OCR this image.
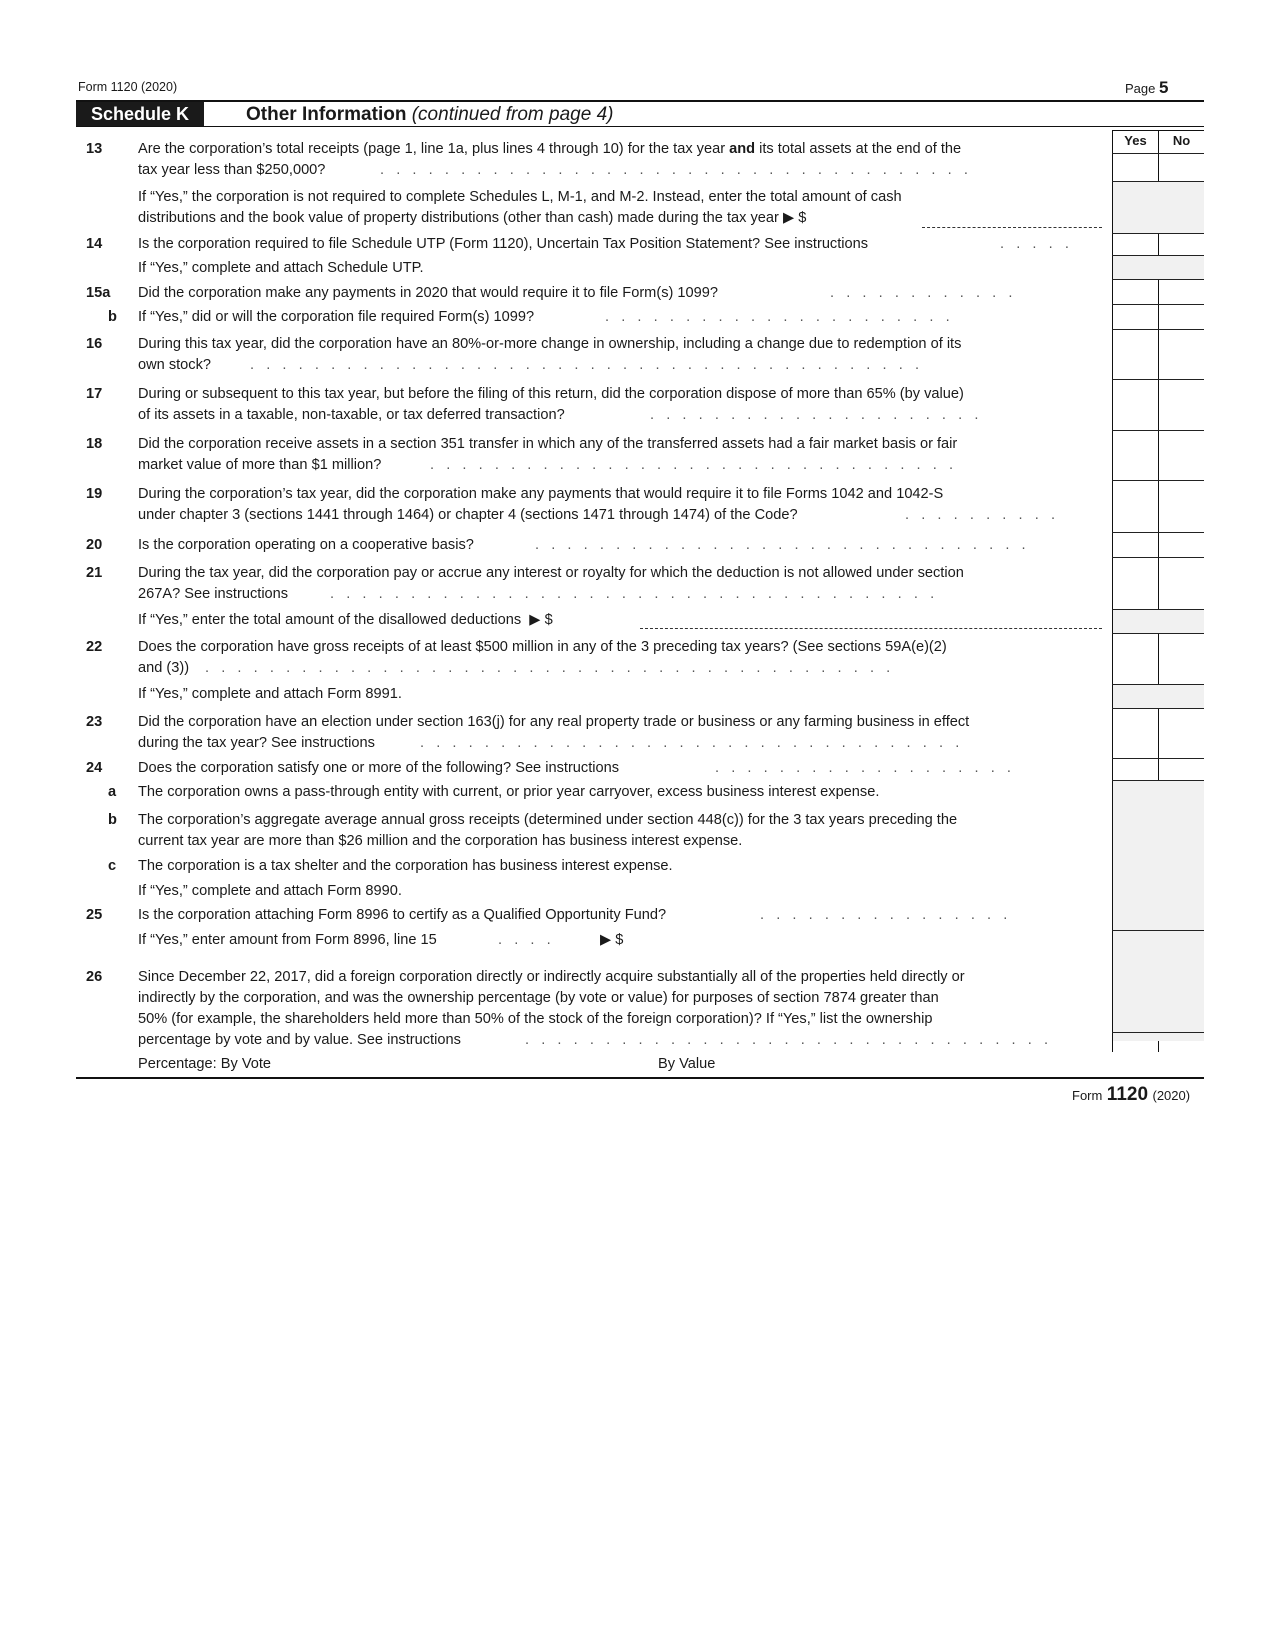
Form 1120 (2020)	Page 5
Schedule K	Other Information (continued from page 4)
Yes	No
13	Are the corporation’s total receipts (page 1, line 1a, plus lines 4 through 10) for the tax year and its total assets at the end of the
tax year less than $250,000?	.   .   .   .   .   .   .   .   .   .   .   .   .   .   .   .   .   .   .   .   .   .   .   .   .   .   .   .   .   .   .   .   .   .   .   .   .
If “Yes,” the corporation is not required to complete Schedules L, M-1, and M-2. Instead, enter the total amount of cash
distributions and the book value of property distributions (other than cash) made during the tax year ▶ $
14	Is the corporation required to file Schedule UTP (Form 1120), Uncertain Tax Position Statement? See instructions	.   .   .   .   .
If “Yes,” complete and attach Schedule UTP.
15a	Did the corporation make any payments in 2020 that would require it to file Form(s) 1099?	.   .   .   .   .   .   .   .   .   .   .   .
b	If “Yes,” did or will the corporation file required Form(s) 1099?	.   .   .   .   .   .   .   .   .   .   .   .   .   .   .   .   .   .   .   .   .   .
16	During this tax year, did the corporation have an 80%-or-more change in ownership, including a change due to redemption of its
own stock?	.   .   .   .   .   .   .   .   .   .   .   .   .   .   .   .   .   .   .   .   .   .   .   .   .   .   .   .   .   .   .   .   .   .   .   .   .   .   .   .   .   .
17	During or subsequent to this tax year, but before the filing of this return, did the corporation dispose of more than 65% (by value)
of its assets in a taxable, non-taxable, or tax deferred transaction?	.   .   .   .   .   .   .   .   .   .   .   .   .   .   .   .   .   .   .   .   .
18	Did the corporation receive assets in a section 351 transfer in which any of the transferred assets had a fair market basis or fair
market value of more than $1 million?	.   .   .   .   .   .   .   .   .   .   .   .   .   .   .   .   .   .   .   .   .   .   .   .   .   .   .   .   .   .   .   .   .
19	During the corporation’s tax year, did the corporation make any payments that would require it to file Forms 1042 and 1042-S
under chapter 3 (sections 1441 through 1464) or chapter 4 (sections 1471 through 1474) of the Code?	.   .   .   .   .   .   .   .   .   .
20	Is the corporation operating on a cooperative basis?	.   .   .   .   .   .   .   .   .   .   .   .   .   .   .   .   .   .   .   .   .   .   .   .   .   .   .   .   .   .   .
21	During the tax year, did the corporation pay or accrue any interest or royalty for which the deduction is not allowed under section
267A? See instructions	.   .   .   .   .   .   .   .   .   .   .   .   .   .   .   .   .   .   .   .   .   .   .   .   .   .   .   .   .   .   .   .   .   .   .   .   .   .
If “Yes,” enter the total amount of the disallowed deductions ▶ $
22	Does the corporation have gross receipts of at least $500 million in any of the 3 preceding tax years? (See sections 59A(e)(2)
and (3)) .   .   .   .   .   .   .   .   .   .   .   .   .   .   .   .   .   .   .   .   .   .   .   .   .   .   .   .   .   .   .   .   .   .   .   .   .   .   .   .   .   .   .
If “Yes,” complete and attach Form 8991.
23	Did the corporation have an election under section 163(j) for any real property trade or business or any farming business in effect
during the tax year? See instructions	.   .   .   .   .   .   .   .   .   .   .   .   .   .   .   .   .   .   .   .   .   .   .   .   .   .   .   .   .   .   .   .   .   .
24	Does the corporation satisfy one or more of the following? See instructions	.   .   .   .   .   .   .   .   .   .   .   .   .   .   .   .   .   .   .
a	The corporation owns a pass-through entity with current, or prior year carryover, excess business interest expense.
b	The corporation’s aggregate average annual gross receipts (determined under section 448(c)) for the 3 tax years preceding the
current tax year are more than $26 million and the corporation has business interest expense.
c	The corporation is a tax shelter and the corporation has business interest expense.
If “Yes,” complete and attach Form 8990.
25	Is the corporation attaching Form 8996 to certify as a Qualified Opportunity Fund?	.   .   .   .   .   .   .   .   .   .   .   .   .   .   .   .
If “Yes,” enter amount from Form 8996, line 15	.   .   .   .	▶ $
26	Since December 22, 2017, did a foreign corporation directly or indirectly acquire substantially all of the properties held directly or
indirectly by the corporation, and was the ownership percentage (by vote or value) for purposes of section 7874 greater than
50% (for example, the shareholders held more than 50% of the stock of the foreign corporation)? If “Yes,” list the ownership
percentage by vote and by value. See instructions	.   .   .   .   .   .   .   .   .   .   .   .   .   .   .   .   .   .   .   .   .   .   .   .   .   .   .   .   .   .   .   .   .
Percentage: By Vote	By Value
Form 1120 (2020)
